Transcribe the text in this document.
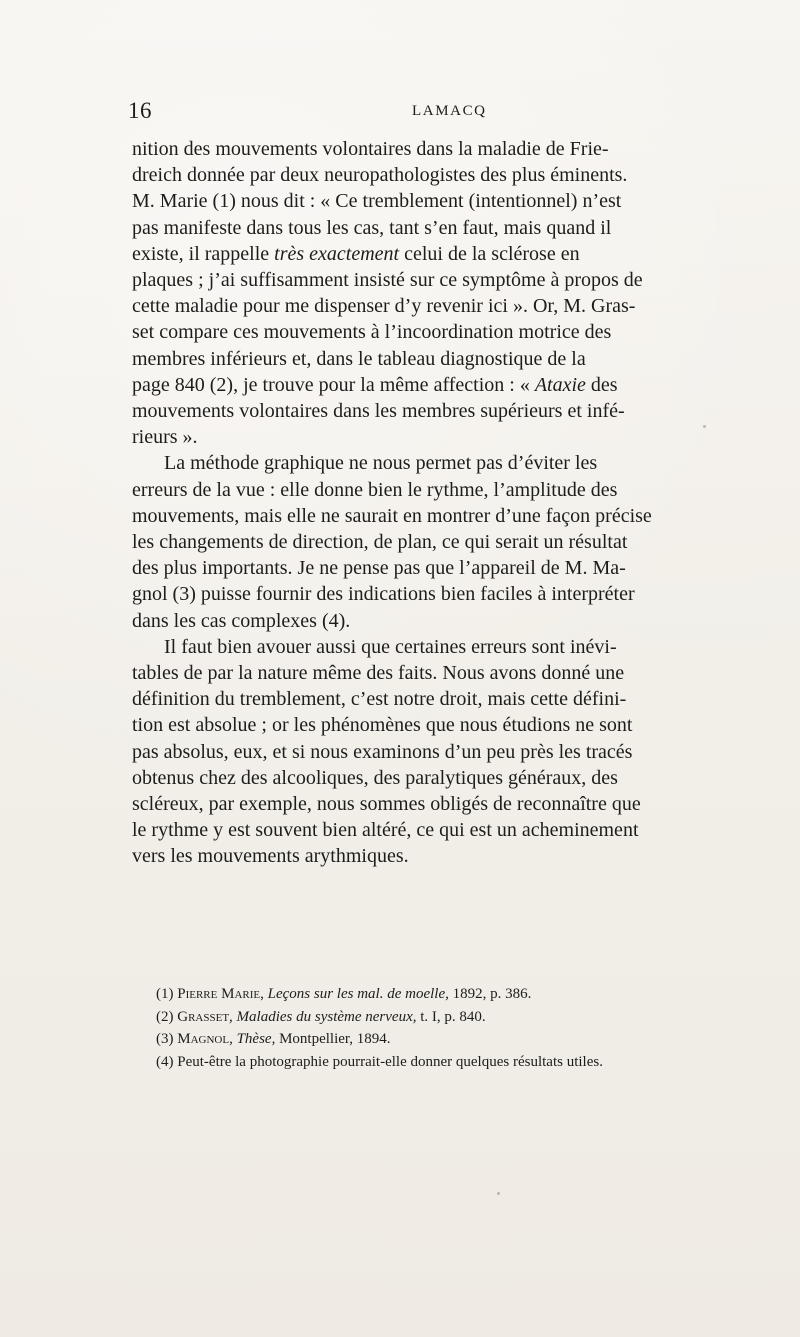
16	LAMACQ

nition des mouvements volontaires dans la maladie de Frie-
dreich donnée par deux neuropathologistes des plus éminents.
M. Marie (1) nous dit : « Ce tremblement (intentionnel) n’est
pas manifeste dans tous les cas, tant s’en faut, mais quand il
existe, il rappelle très exactement celui de la sclérose en
plaques ; j’ai suffisamment insisté sur ce symptôme à propos de
cette maladie pour me dispenser d’y revenir ici ». Or, M. Gras-
set compare ces mouvements à l’incoordination motrice des
membres inférieurs et, dans le tableau diagnostique de la
page 840 (2), je trouve pour la même affection : « Ataxie des
mouvements volontaires dans les membres supérieurs et infé-
rieurs ».

La méthode graphique ne nous permet pas d’éviter les
erreurs de la vue : elle donne bien le rythme, l’amplitude des
mouvements, mais elle ne saurait en montrer d’une façon précise
les changements de direction, de plan, ce qui serait un résultat
des plus importants. Je ne pense pas que l’appareil de M. Ma-
gnol (3) puisse fournir des indications bien faciles à interpréter
dans les cas complexes (4).

Il faut bien avouer aussi que certaines erreurs sont inévi-
tables de par la nature même des faits. Nous avons donné une
définition du tremblement, c’est notre droit, mais cette défini-
tion est absolue ; or les phénomènes que nous étudions ne sont
pas absolus, eux, et si nous examinons d’un peu près les tracés
obtenus chez des alcooliques, des paralytiques généraux, des
scléreux, par exemple, nous sommes obligés de reconnaître que
le rythme y est souvent bien altéré, ce qui est un acheminement
vers les mouvements arythmiques.

(1) Pierre Marie, Leçons sur les mal. de moelle, 1892, p. 386.

(2) Grasset, Maladies du système nerveux, t. I, p. 840.

(3) Magnol, Thèse, Montpellier, 1894.

(4) Peut-être la photographie pourrait-elle donner quelques résultats utiles.
